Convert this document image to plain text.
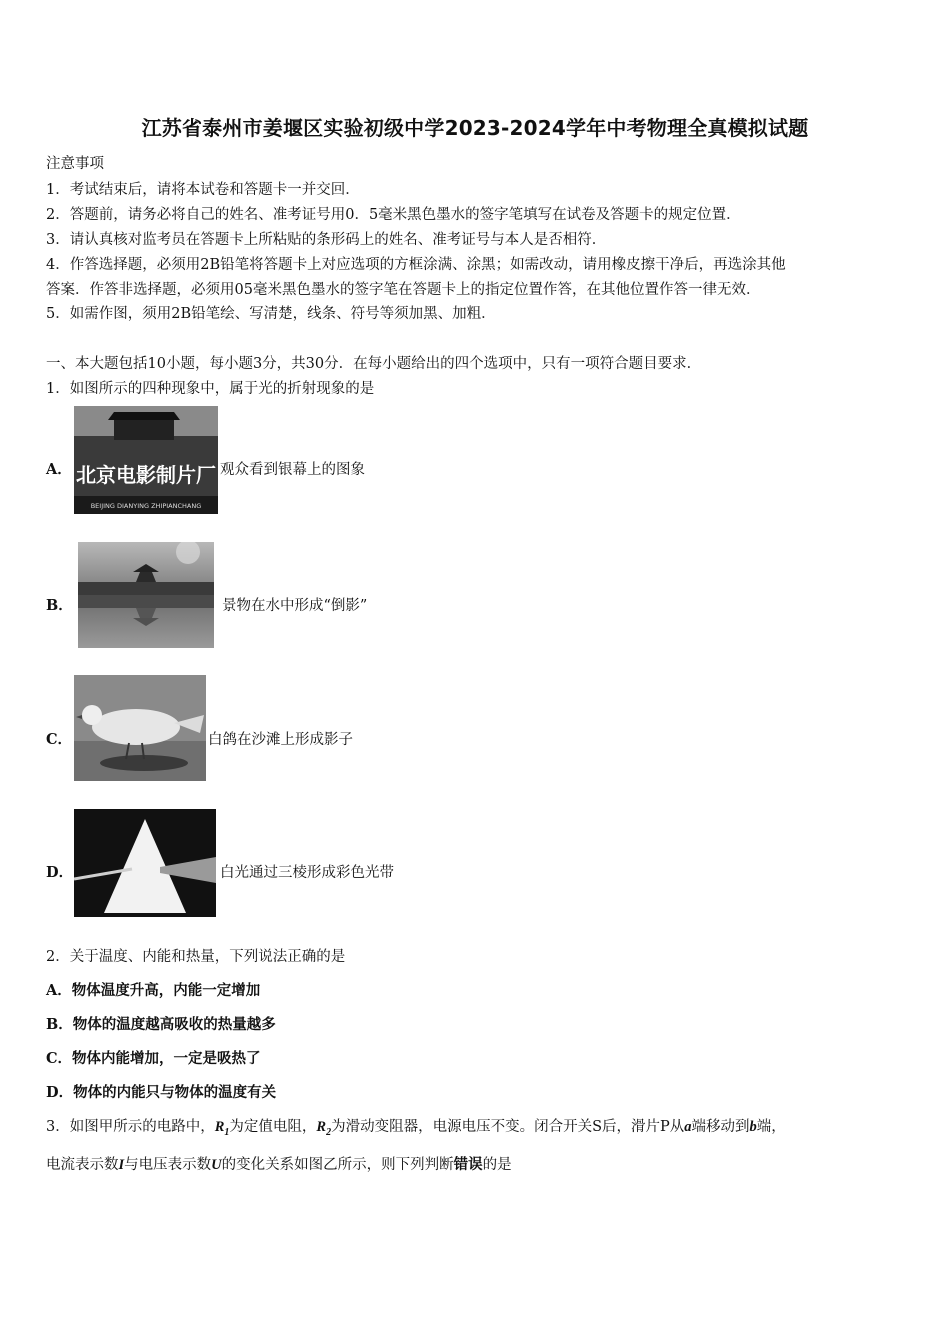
江苏省泰州市姜堰区实验初级中学2023-2024学年中考物理全真模拟试题
注意事项
1．考试结束后，请将本试卷和答题卡一并交回．
2．答题前，请务必将自己的姓名、准考证号用0．5毫米黑色墨水的签字笔填写在试卷及答题卡的规定位置．
3．请认真核对监考员在答题卡上所粘贴的条形码上的姓名、准考证号与本人是否相符．
4．作答选择题，必须用2B铅笔将答题卡上对应选项的方框涂满、涂黑；如需改动，请用橡皮擦干净后，再选涂其他
答案．作答非选择题，必须用05毫米黑色墨水的签字笔在答题卡上的指定位置作答，在其他位置作答一律无效．
5．如需作图，须用2B铅笔绘、写清楚，线条、符号等须加黑、加粗．
一、本大题包括10小题，每小题3分，共30分．在每小题给出的四个选项中，只有一项符合题目要求．
1．如图所示的四种现象中，属于光的折射现象的是
A． 北京电影制片厂
BEIJING DIANYING ZHIPIANCHANG
观众看到银幕上的图象
B．	景物在水中形成“倒影”
C．	白鸽在沙滩上形成影子
D．	白光通过三棱形成彩色光带
2．关于温度、内能和热量，下列说法正确的是
A．物体温度升高，内能一定增加
B．物体的温度越高吸收的热量越多
C．物体内能增加，一定是吸热了
D．物体的内能只与物体的温度有关
3．如图甲所示的电路中，$R_1$为定值电阻，$R_2$为滑动变阻器，电源电压不变。闭合开关S后，滑片P从a端移动到b端，
电流表示数I与电压表示数U的变化关系如图乙所示，则下列判断错误的是
